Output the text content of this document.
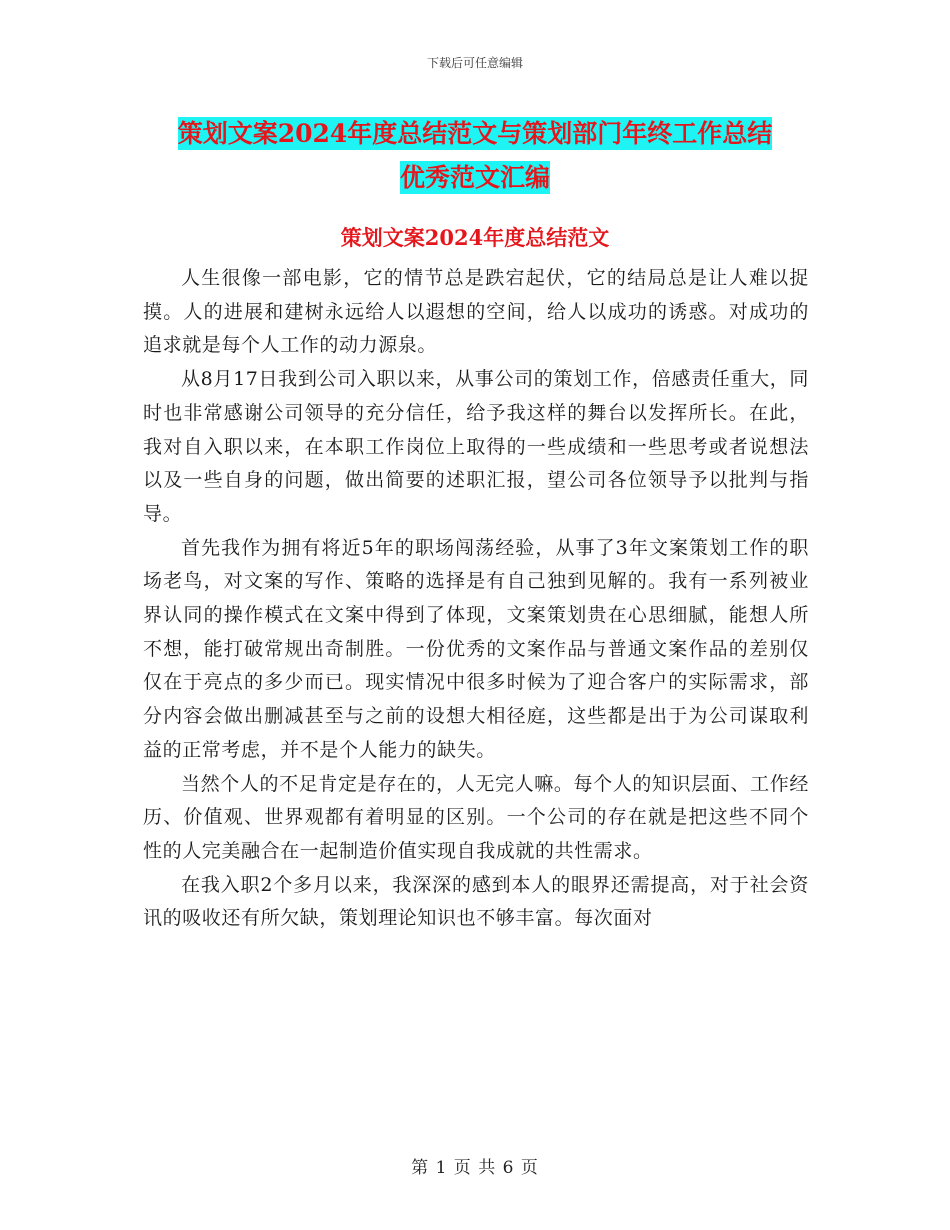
下载后可任意编辑
策划文案2024年度总结范文与策划部门年终工作总结
优秀范文汇编
策划文案2024年度总结范文

人生很像一部电影，它的情节总是跌宕起伏，它的结局总是让人难以捉摸。人的进展和建树永远给人以遐想的空间，给人以成功的诱惑。对成功的追求就是每个人工作的动力源泉。

从8月17日我到公司入职以来，从事公司的策划工作，倍感责任重大，同时也非常感谢公司领导的充分信任，给予我这样的舞台以发挥所长。在此，我对自入职以来，在本职工作岗位上取得的一些成绩和一些思考或者说想法以及一些自身的问题，做出简要的述职汇报，望公司各位领导予以批判与指导。

首先我作为拥有将近5年的职场闯荡经验，从事了3年文案策划工作的职场老鸟，对文案的写作、策略的选择是有自己独到见解的。我有一系列被业界认同的操作模式在文案中得到了体现，文案策划贵在心思细腻，能想人所不想，能打破常规出奇制胜。一份优秀的文案作品与普通文案作品的差别仅仅在于亮点的多少而已。现实情况中很多时候为了迎合客户的实际需求，部分内容会做出删减甚至与之前的设想大相径庭，这些都是出于为公司谋取利益的正常考虑，并不是个人能力的缺失。

当然个人的不足肯定是存在的，人无完人嘛。每个人的知识层面、工作经历、价值观、世界观都有着明显的区别。一个公司的存在就是把这些不同个性的人完美融合在一起制造价值实现自我成就的共性需求。

在我入职2个多月以来，我深深的感到本人的眼界还需提高，对于社会资讯的吸收还有所欠缺，策划理论知识也不够丰富。每次面对

第 1 页 共 6 页
